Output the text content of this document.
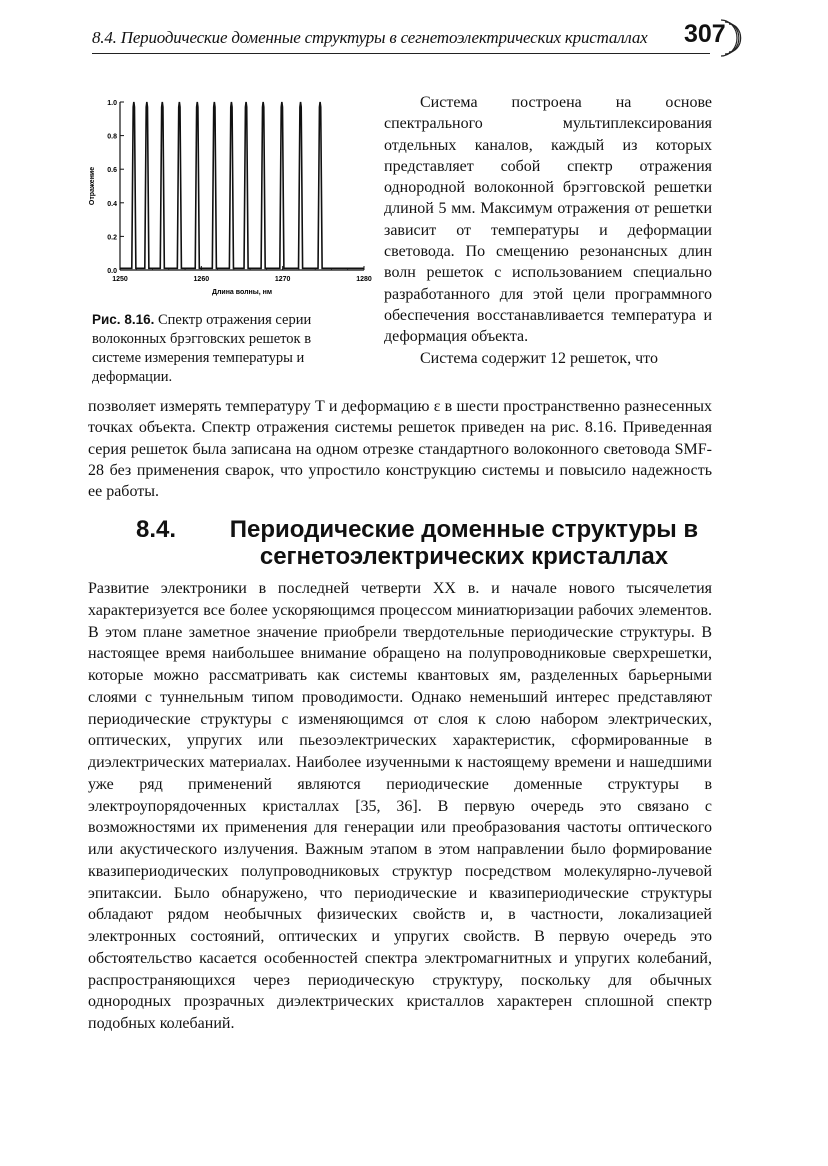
8.4. Периодические доменные структуры в сегнетоэлектрических кристаллах 307
0.0
0.2
0.4
0.6
0.8
1.0
1250	1260	1270	1280
Длина волны, нм
Отражение
Рис. 8.16. Спектр отражения серии волоконных брэгговских решеток в системе измерения температуры и деформации.

Система построена на основе спектрального мультиплексирования отдельных каналов, каждый из которых представляет собой спектр отражения однородной волоконной брэгговской решетки длиной 5 мм. Максимум отражения от решетки зависит от температуры и деформации световода. По смещению резонансных длин волн решеток с использованием специально разработанного для этой цели программного обеспечения восстанавливается температура и деформация объекта.

Система содержит 12 решеток, что

позволяет измерять температуру T и деформацию ε в шести пространственно разнесенных точках объекта. Спектр отражения системы решеток приведен на рис. 8.16. Приведенная серия решеток была записана на одном отрезке стандартного волоконного световода SMF-28 без применения сварок, что упростило конструкцию системы и повысило надежность ее работы.
8.4.	Периодические доменные структуры в сегнетоэлектрических кристаллах

Развитие электроники в последней четверти XX в. и начале нового тысячелетия характеризуется все более ускоряющимся процессом миниатюризации рабочих элементов. В этом плане заметное значение приобрели твердотельные периодические структуры. В настоящее время наибольшее внимание обращено на полупроводниковые сверхрешетки, которые можно рассматривать как системы квантовых ям, разделенных барьерными слоями с туннельным типом проводимости. Однако неменьший интерес представляют периодические структуры с изменяющимся от слоя к слою набором электрических, оптических, упругих или пьезоэлектрических характеристик, сформированные в диэлектрических материалах. Наиболее изученными к настоящему времени и нашедшими уже ряд применений являются периодические доменные структуры в электроупорядоченных кристаллах [35, 36]. В первую очередь это связано с возможностями их применения для генерации или преобразования частоты оптического или акустического излучения. Важным этапом в этом направлении было формирование квазипериодических полупроводниковых структур посредством молекулярно-лучевой эпитаксии. Было обнаружено, что периодические и квазипериодические структуры обладают рядом необычных физических свойств и, в частности, локализацией электронных состояний, оптических и упругих свойств. В первую очередь это обстоятельство касается особенностей спектра электромагнитных и упругих колебаний, распространяющихся через периодическую структуру, поскольку для обычных однородных прозрачных диэлектрических кристаллов характерен сплошной спектр подобных колебаний.
